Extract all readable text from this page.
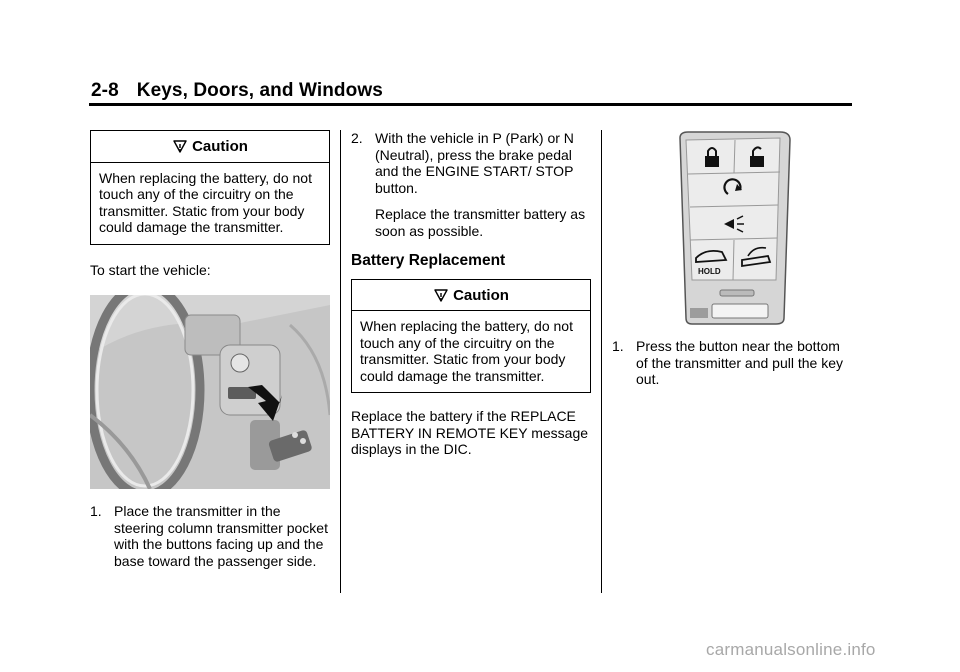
2-8 Keys, Doors, and Windows
Caution
When replacing the battery, do not touch any of the circuitry on the transmitter. Static from your body could damage the transmitter.

To start the vehicle:

1. Place the transmitter in the steering column transmitter pocket with the buttons facing up and the base toward the passenger side.

2. With the vehicle in P (Park) or N (Neutral), press the brake pedal and the ENGINE START/ STOP button.

Replace the transmitter battery as soon as possible.

Battery Replacement
Caution
When replacing the battery, do not touch any of the circuitry on the transmitter. Static from your body could damage the transmitter.

Replace the battery if the REPLACE BATTERY IN REMOTE KEY message displays in the DIC.

HOLD

1. Press the button near the bottom of the transmitter and pull the key out.

carmanualsonline.info
